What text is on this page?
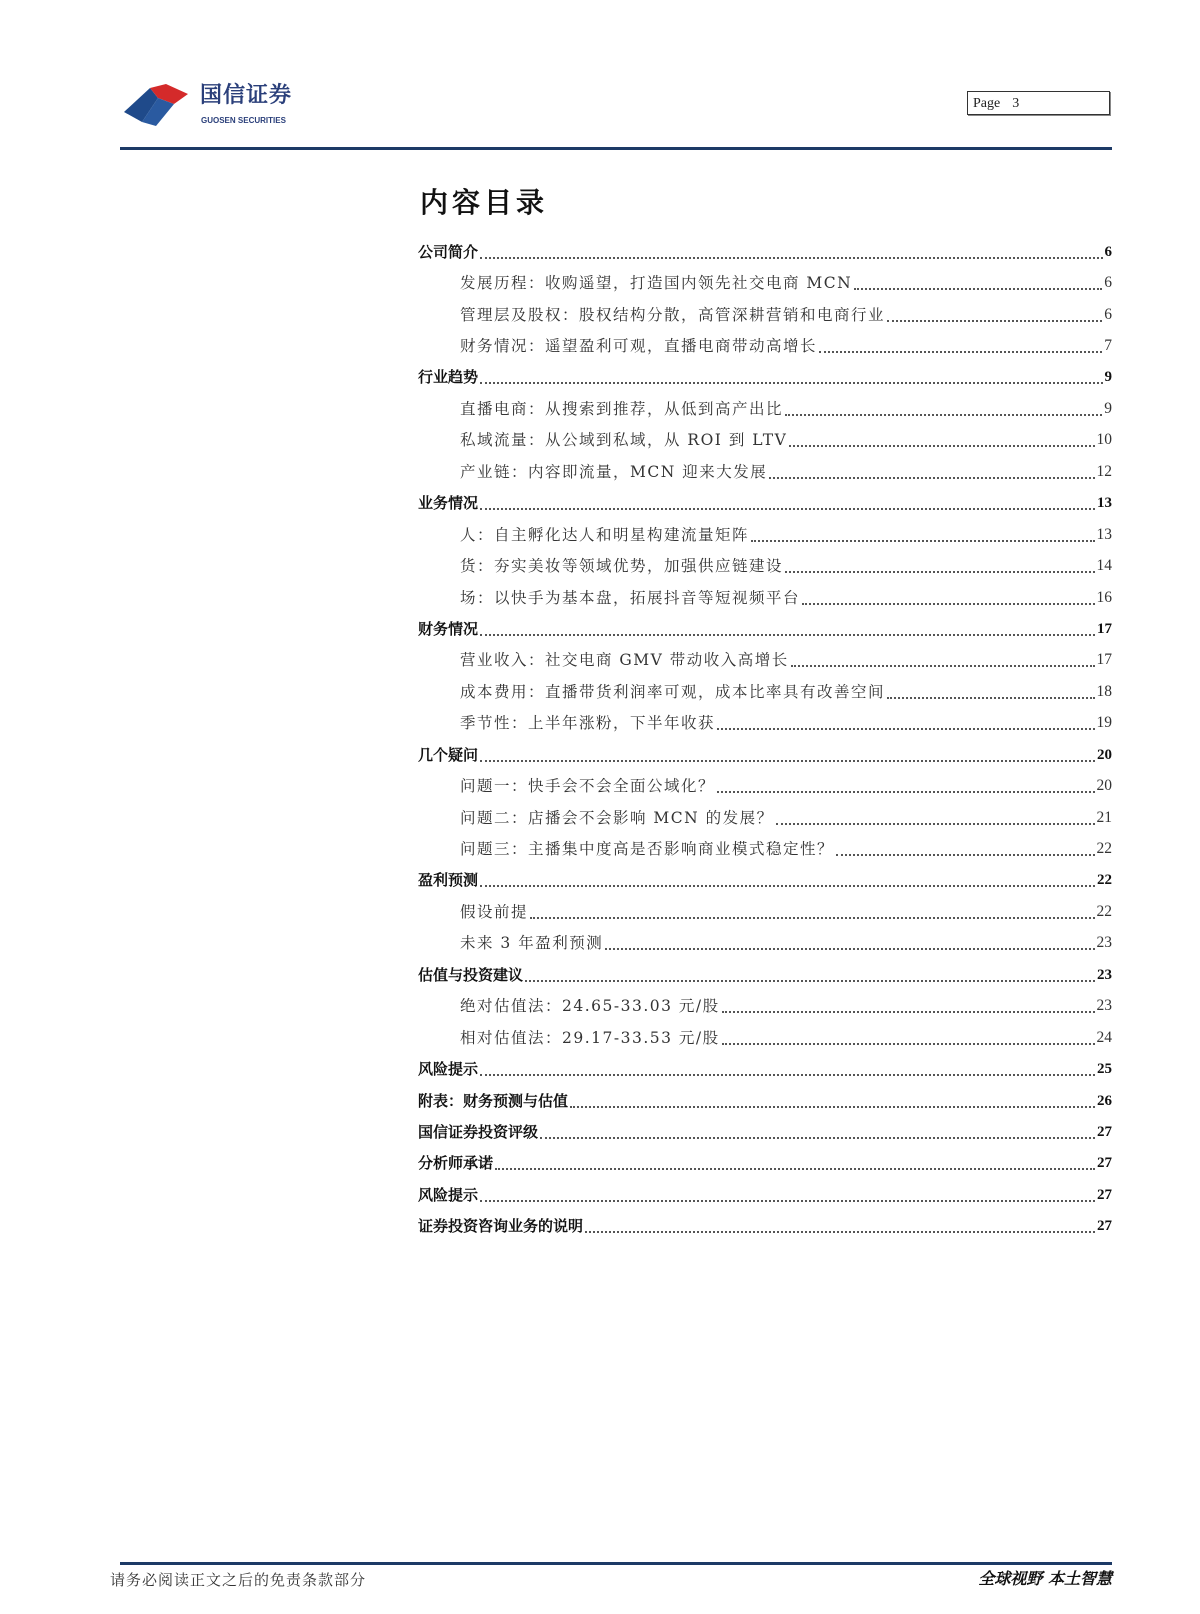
国信证券
GUOSEN SECURITIES
Page 3
内容目录
公司简介	6
发展历程：收购遥望，打造国内领先社交电商 MCN	6
管理层及股权：股权结构分散，高管深耕营销和电商行业	6
财务情况：遥望盈利可观，直播电商带动高增长	7
行业趋势	9
直播电商：从搜索到推荐，从低到高产出比	9
私域流量：从公域到私域，从 ROI 到 LTV	10
产业链：内容即流量，MCN 迎来大发展	12
业务情况	13
人：自主孵化达人和明星构建流量矩阵	13
货：夯实美妆等领域优势，加强供应链建设	14
场：以快手为基本盘，拓展抖音等短视频平台	16
财务情况	17
营业收入：社交电商 GMV 带动收入高增长	17
成本费用：直播带货利润率可观，成本比率具有改善空间	18
季节性：上半年涨粉，下半年收获	19
几个疑问	20
问题一：快手会不会全面公域化？	20
问题二：店播会不会影响 MCN 的发展？	21
问题三：主播集中度高是否影响商业模式稳定性？	22
盈利预测	22
假设前提	22
未来 3 年盈利预测	23
估值与投资建议	23
绝对估值法：24.65-33.03 元/股	23
相对估值法：29.17-33.53 元/股	24
风险提示	25
附表：财务预测与估值	26
国信证券投资评级	27
分析师承诺	27
风险提示	27
证券投资咨询业务的说明	27
请务必阅读正文之后的免责条款部分	全球视野 本土智慧
